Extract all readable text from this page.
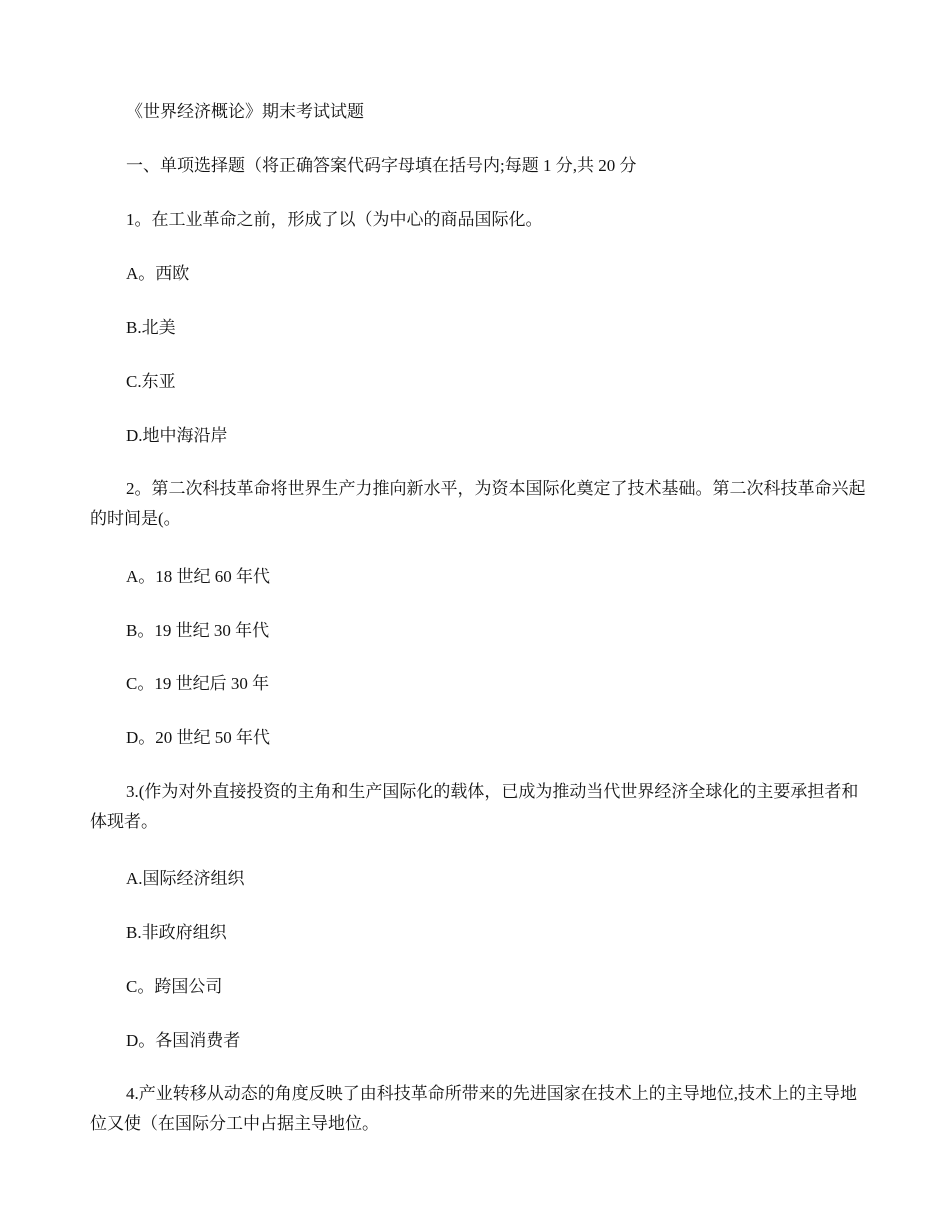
《世界经济概论》期末考试试题

一、单项选择题（将正确答案代码字母填在括号内;每题 1 分,共 20 分

1。在工业革命之前，形成了以（为中心的商品国际化。

A。西欧

B.北美

C.东亚

D.地中海沿岸

2。第二次科技革命将世界生产力推向新水平，为资本国际化奠定了技术基础。第二次科技革命兴起的时间是(。

A。18 世纪 60 年代

B。19 世纪 30 年代

C。19 世纪后 30 年

D。20 世纪 50 年代

3.(作为对外直接投资的主角和生产国际化的载体，已成为推动当代世界经济全球化的主要承担者和体现者。

A.国际经济组织

B.非政府组织

C。跨国公司

D。各国消费者

4.产业转移从动态的角度反映了由科技革命所带来的先进国家在技术上的主导地位,技术上的主导地位又使（在国际分工中占据主导地位。
